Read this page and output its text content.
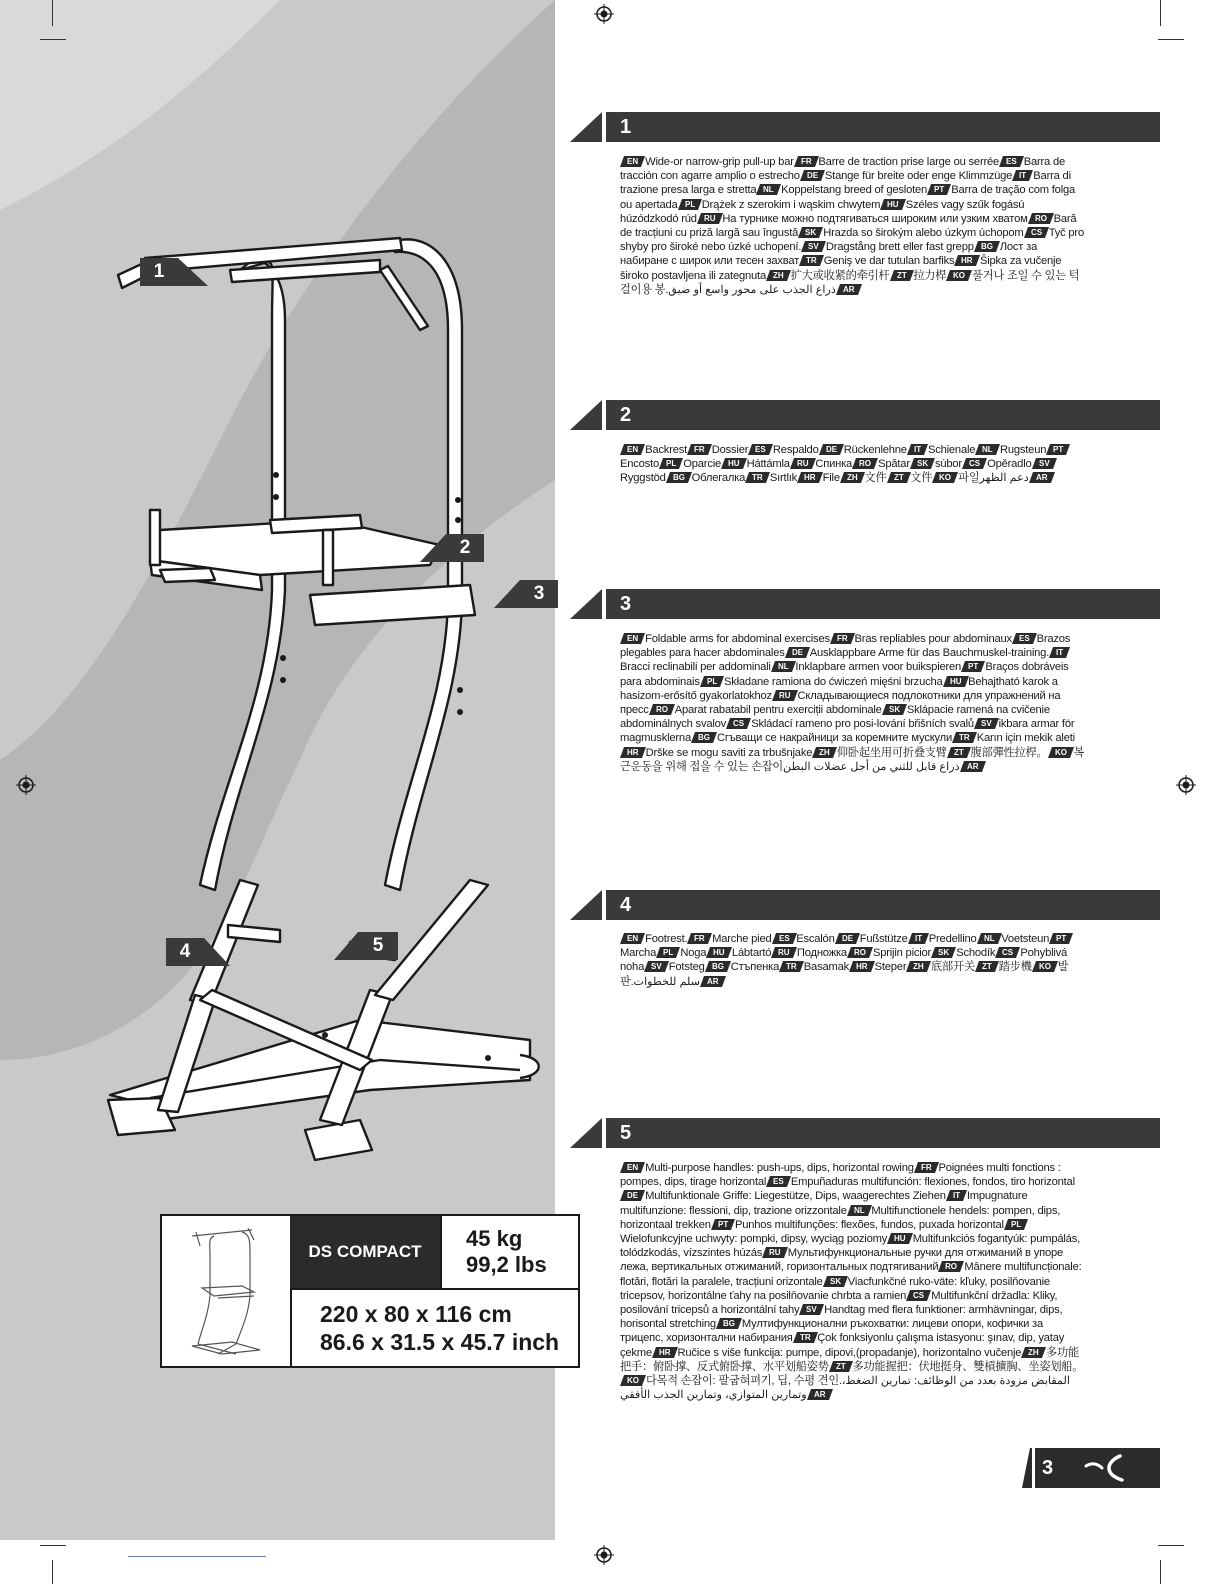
1
2
3
4	5
1
EN Wide-or narrow-grip pull-up bar FR Barre de traction prise large ou serrée ES Barra de tracción con agarre amplio o estrecho DE Stange für breite oder enge Klimmzüge IT Barra di trazione presa larga e stretta NL Koppelstang breed of gesloten PT Barra de tração com folga ou apertada PL Drążek z szerokim i wąskim chwytem HU Széles vagy szűk fogású húzódzkodó rúd RU На турнике можно подтягиваться широким или узким хватом RO Bară de tracțiuni cu priză largă sau îngustă SK Hrazda so širokým alebo úzkym úchopom CS Tyč pro shyby pro široké nebo úzké uchopení. SV Dragstång brett eller fast grepp BG Лост за набиране с широк или тесен захват TR Geniş ve dar tutulan barfiks HR Šipka za vučenje široko postavljena ili zategnuta ZH 扩大或收紧的牵引杆 ZT 拉力桿 KO 풀거나 조일 수 있는 턱걸이용 봉.ذراع الجذب على محور واسع أو ضيق AR
2
EN Backrest FR Dossier ES Respaldo DE Rückenlehne IT Schienale NL Rugsteun PTEncosto PL Oparcie HU Háttámla RU Спинка RO Spătar SK súbor CS Opěradlo SVRyggstöd BG Облегалка TR Sırtlık HR File ZH 文件 ZT 文件 KO 파일دعم الظهر AR
3
EN Foldable arms for abdominal exercises FR Bras repliables pour abdominaux ES Brazos plegables para hacer abdominales DE Ausklappbare Arme für das Bauchmuskel-training. ITBracci reclinabili per addominali NL Inklapbare armen voor buikspieren PT Braços dobráveis para abdominais PL Składane ramiona do ćwiczeń mięśni brzucha HU Behajtható karok a hasizom-erősítő gyakorlatokhoz RU Складывающиеся подлокотники для упражнений на пресс RO Aparat rabatabil pentru exerciții abdominale SK Sklápacie ramená na cvičenie abdominálnych svalov CS Skládací rameno pro posi-lování břišních svalů SV ikbara armar för magmusklerna BG Сгъващи се накрайници за коремните мускули TR Karın için mekik aletiHR Drške se mogu saviti za trbušnjake ZH 仰卧起坐用可折叠支臂 ZT 腹部彈性拉桿。 KO 복근운동을 위해 접을 수 있는 손잡이ذراع قابل للثني من أجل عضلات البطن AR
4
EN Footrest. FR Marche pied ES Escalón DE Fußstütze IT Predellino NL Voetsteun PTMarcha PL Noga HU Lábtartó RU Подножка RO Sprijin picior SK Schodík CS Pohyblivá noha SV Fotsteg BG Стъпенка TR Basamak HR Steper ZH 底部开关 ZT 踏步機 KO 발판.سلم للخطوات AR
5
EN Multi-purpose handles: push-ups, dips, horizontal rowing FR Poignées multi fonctions : pompes, dips, tirage horizontal ES Empuñaduras multifunción: flexiones, fondos, tiro horizontalDE Multifunktionale Griffe: Liegestütze, Dips, waagerechtes Ziehen IT Impugnature multifunzione: flessioni, dip, trazione orizzontale NL Multifunctionele hendels: pompen, dips, horizontaal trekken PT Punhos multifunções: flexões, fundos, puxada horizontal PLWielofunkcyjne uchwyty: pompki, dipsy, wyciąg poziomy HU Multifunkciós fogantyúk: pumpálás, tolódzkodás, vízszintes húzás RU Мультифункциональные ручки для отжиманий в упоре лежа, вертикальных отжиманий, горизонтальных подтягиваний RO Mânere multifuncționale: flotări, flotări la paralele, tracțiuni orizontale SK Viacfunkčné ruko-väte: kľuky, posilňovanie tricepsov, horizontálne ťahy na posilňovanie chrbta a ramien CS Multifunkční držadla: Kliky, posilování tricepsů a horizontální tahy SV Handtag med flera funktioner: armhävningar, dips, horisontal stretching BG Мултифункционални ръкохватки: лицеви опори, кофички за трицепс, хоризонтални набирания TR Çok fonksiyonlu çalışma istasyonu: şınav, dip, yatay çekme HR Ručice s više funkcija: pumpe, dipovi,(propadanje), horizontalno vučenje ZH 多功能把手：俯卧撑、反式俯卧撑、水平划船姿势 ZT 多功能握把：伏地挺身、雙槓擴胸、坐姿划船。KO 다목적 손잡이: 팔굽혀펴기, 딥, 수평 견인.المقابض مزودة بعدد من الوظائف: تمارين الضغط، وتمارين المتوازي، وتمارين الجذب الأفقي AR
DS COMPACT
45 kg
99,2 lbs
220 x 80 x 116 cm
86.6 x 31.5 x 45.7 inch
3
